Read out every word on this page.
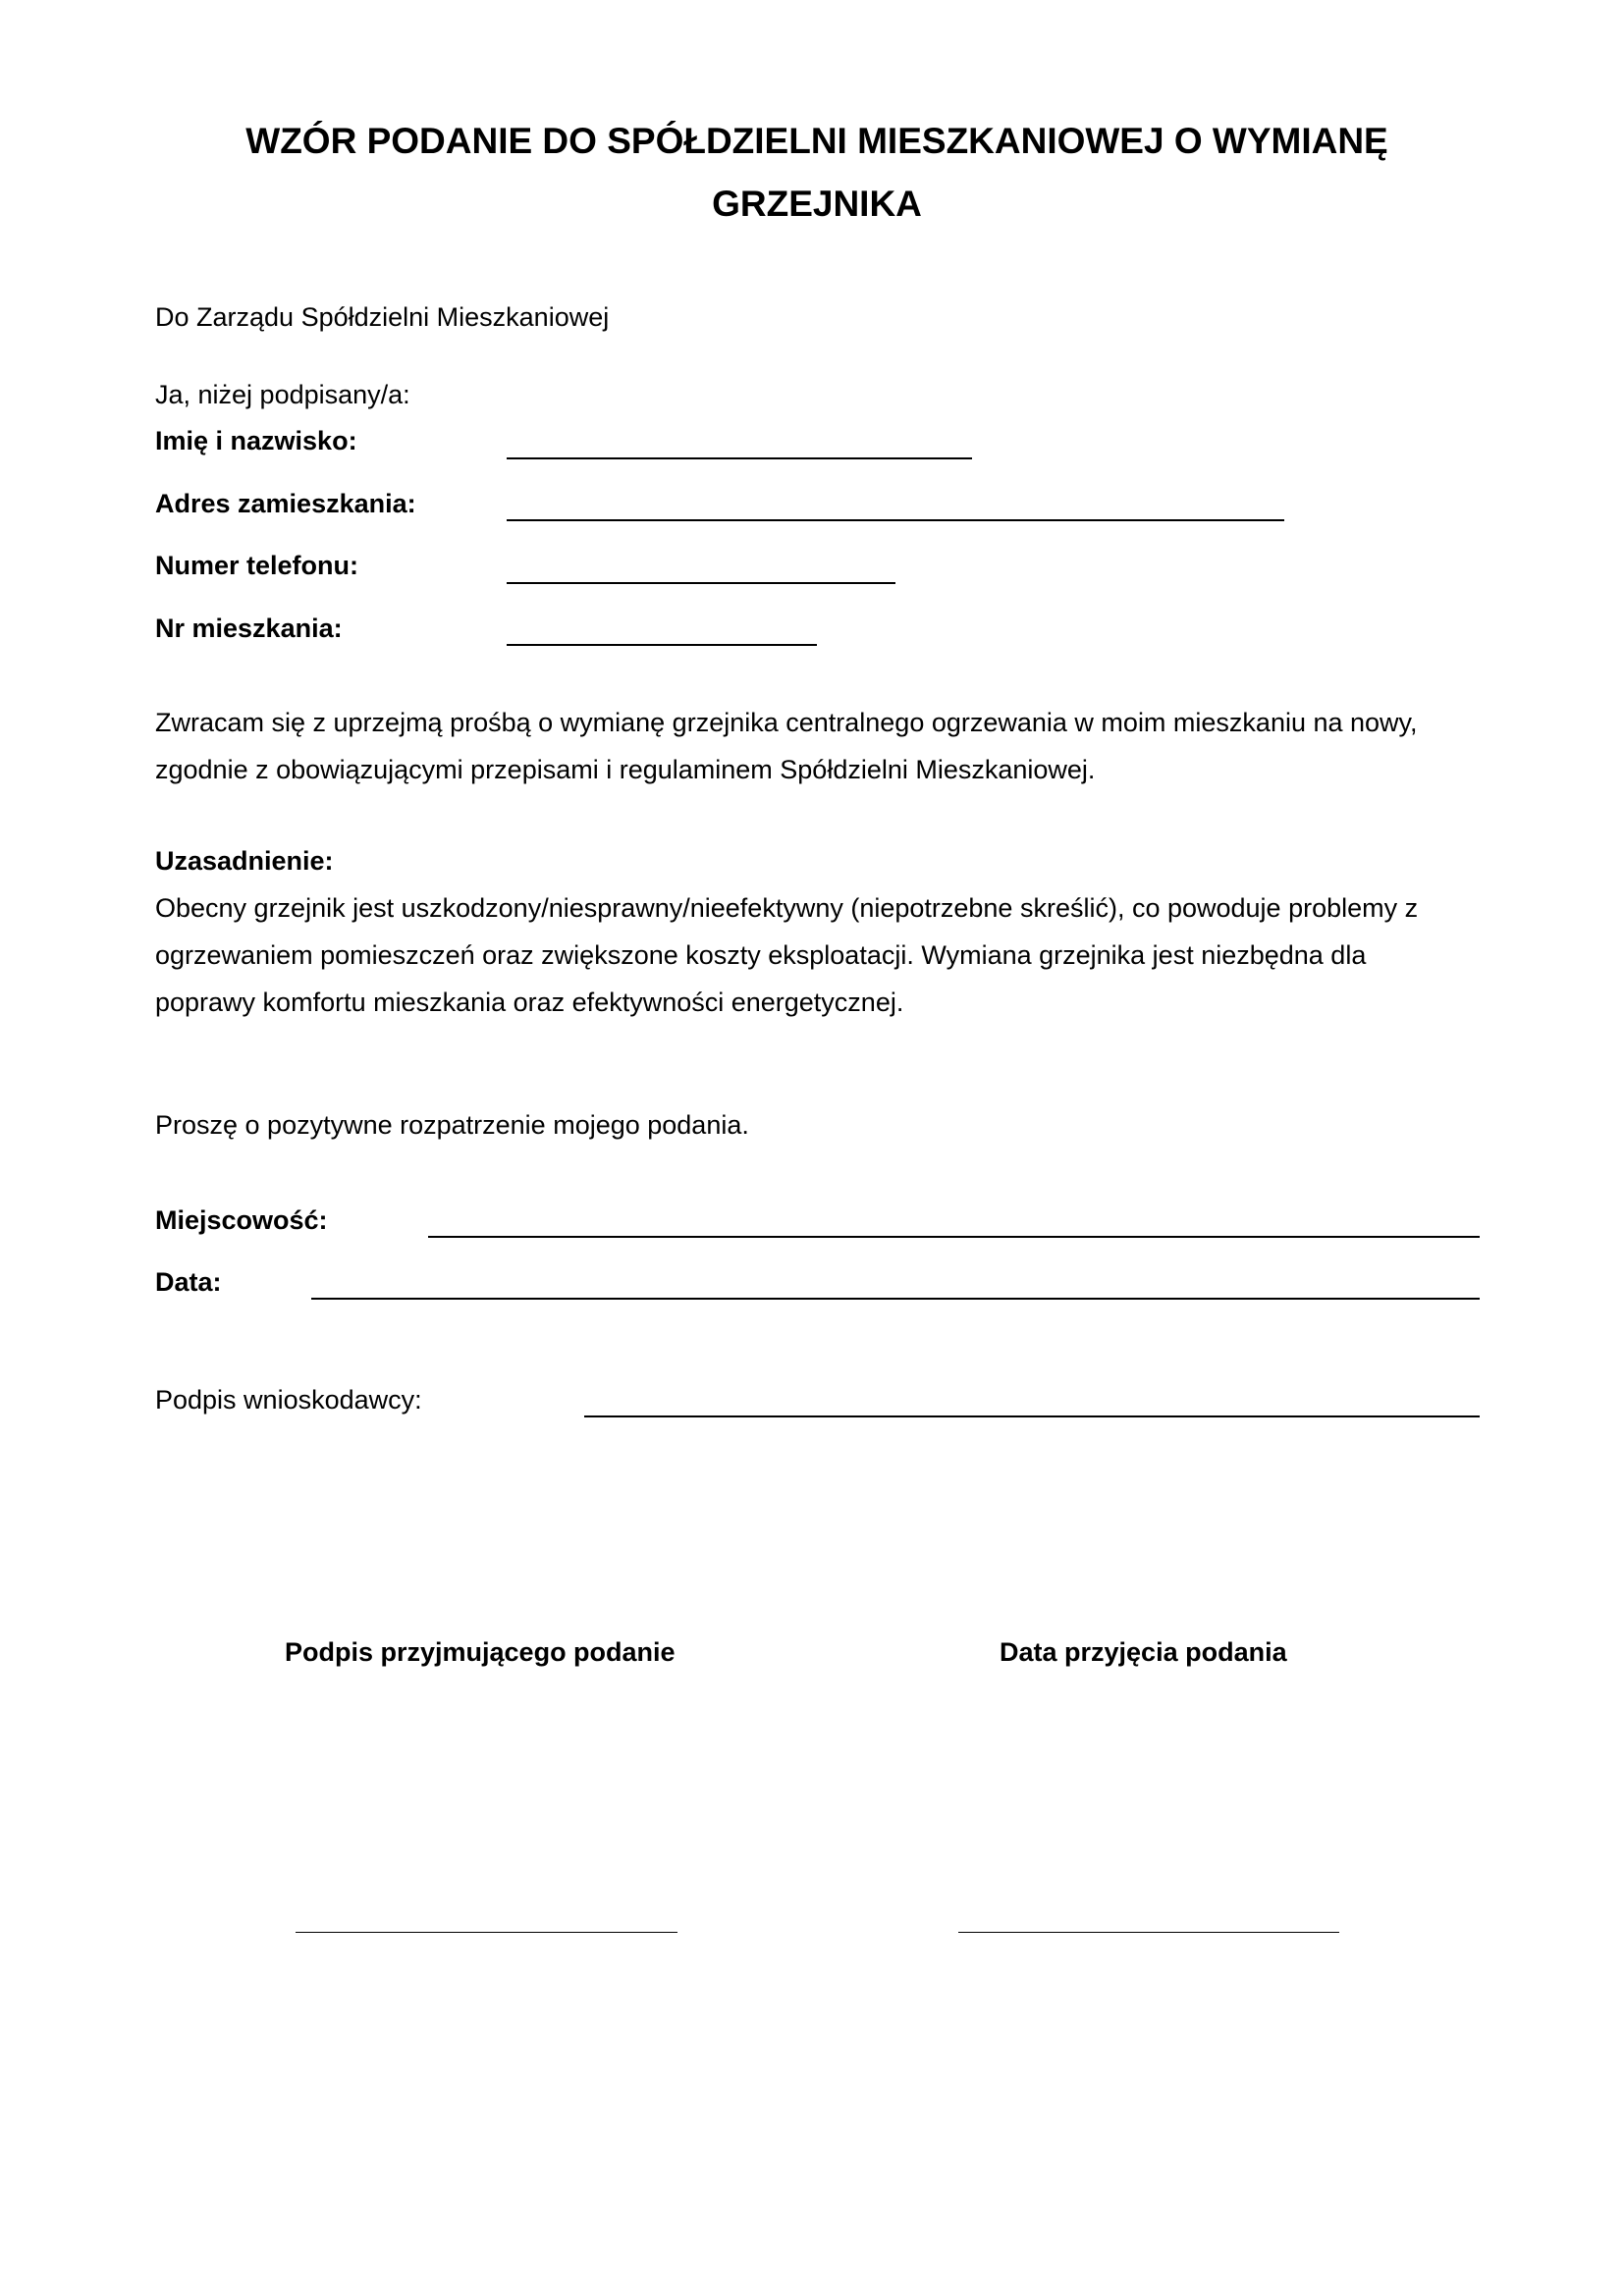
WZÓR PODANIE DO SPÓŁDZIELNI MIESZKANIOWEJ O WYMIANĘ
GRZEJNIKA

Do Zarządu Spółdzielni Mieszkaniowej

Ja, niżej podpisany/a:

Imię i nazwisko:
Adres zamieszkania:
Numer telefonu:
Nr mieszkania:

Zwracam się z uprzejmą prośbą o wymianę grzejnika centralnego ogrzewania w moim mieszkaniu na nowy,

zgodnie z obowiązującymi przepisami i regulaminem Spółdzielni Mieszkaniowej.

Uzasadnienie:

Obecny grzejnik jest uszkodzony/niesprawny/nieefektywny (niepotrzebne skreślić), co powoduje problemy z

ogrzewaniem pomieszczeń oraz zwiększone koszty eksploatacji. Wymiana grzejnika jest niezbędna dla

poprawy komfortu mieszkania oraz efektywności energetycznej.

Proszę o pozytywne rozpatrzenie mojego podania.

Miejscowość:
Data:
Podpis wnioskodawcy:
Podpis przyjmującego podanie	Data przyjęcia podania
